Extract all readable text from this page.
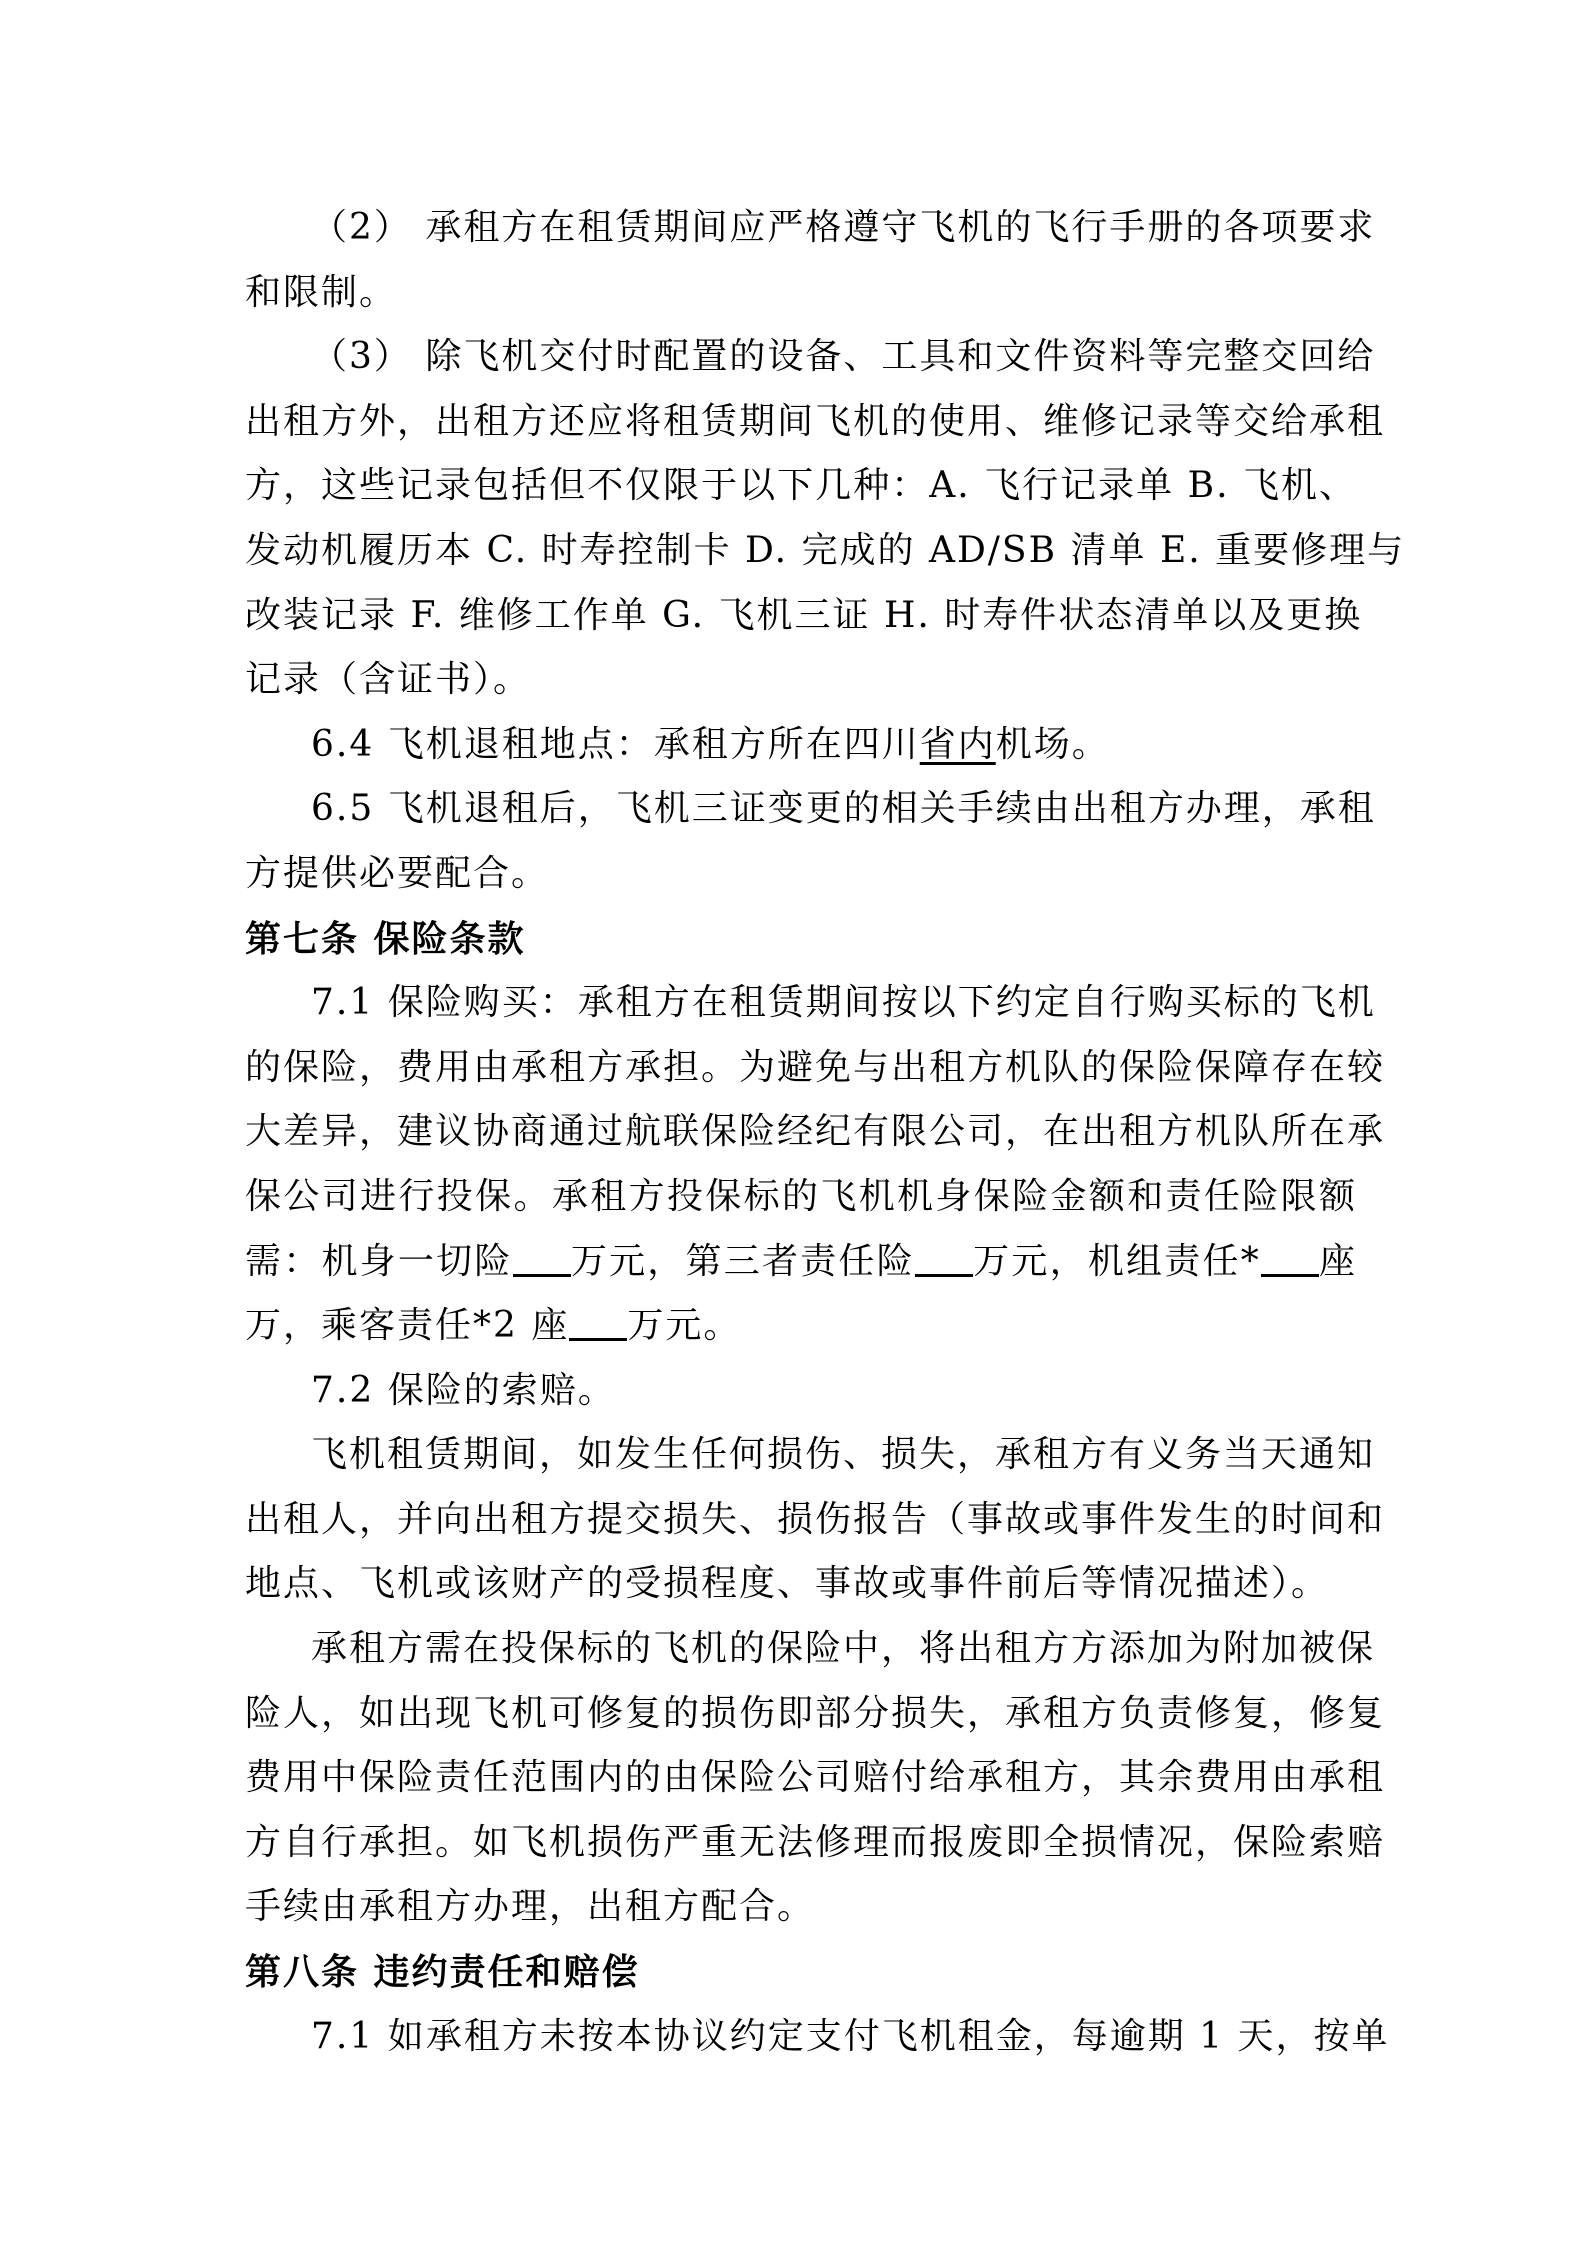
（2） 承租方在租赁期间应严格遵守飞机的飞行手册的各项要求
和限制。
（3） 除飞机交付时配置的设备、工具和文件资料等完整交回给
出租方外，出租方还应将租赁期间飞机的使用、维修记录等交给承租
方，这些记录包括但不仅限于以下几种：A. 飞行记录单 B. 飞机、
发动机履历本 C. 时寿控制卡 D. 完成的 AD/SB 清单 E. 重要修理与
改装记录 F. 维修工作单 G. 飞机三证 H. 时寿件状态清单以及更换
记录（含证书）。
6.4 飞机退租地点：承租方所在四川省内机场。
6.5 飞机退租后，飞机三证变更的相关手续由出租方办理，承租
方提供必要配合。
第七条 保险条款
7.1 保险购买：承租方在租赁期间按以下约定自行购买标的飞机
的保险，费用由承租方承担。为避免与出租方机队的保险保障存在较
大差异，建议协商通过航联保险经纪有限公司，在出租方机队所在承
保公司进行投保。承租方投保标的飞机机身保险金额和责任险限额
需：机身一切险 万元，第三者责任险 万元，机组责任* 座
万，乘客责任*2 座 万元。
7.2 保险的索赔。
飞机租赁期间，如发生任何损伤、损失，承租方有义务当天通知
出租人，并向出租方提交损失、损伤报告（事故或事件发生的时间和
地点、飞机或该财产的受损程度、事故或事件前后等情况描述）。
承租方需在投保标的飞机的保险中，将出租方方添加为附加被保
险人，如出现飞机可修复的损伤即部分损失，承租方负责修复，修复
费用中保险责任范围内的由保险公司赔付给承租方，其余费用由承租
方自行承担。如飞机损伤严重无法修理而报废即全损情况，保险索赔
手续由承租方办理，出租方配合。
第八条 违约责任和赔偿
7.1 如承租方未按本协议约定支付飞机租金，每逾期 1 天，按单
